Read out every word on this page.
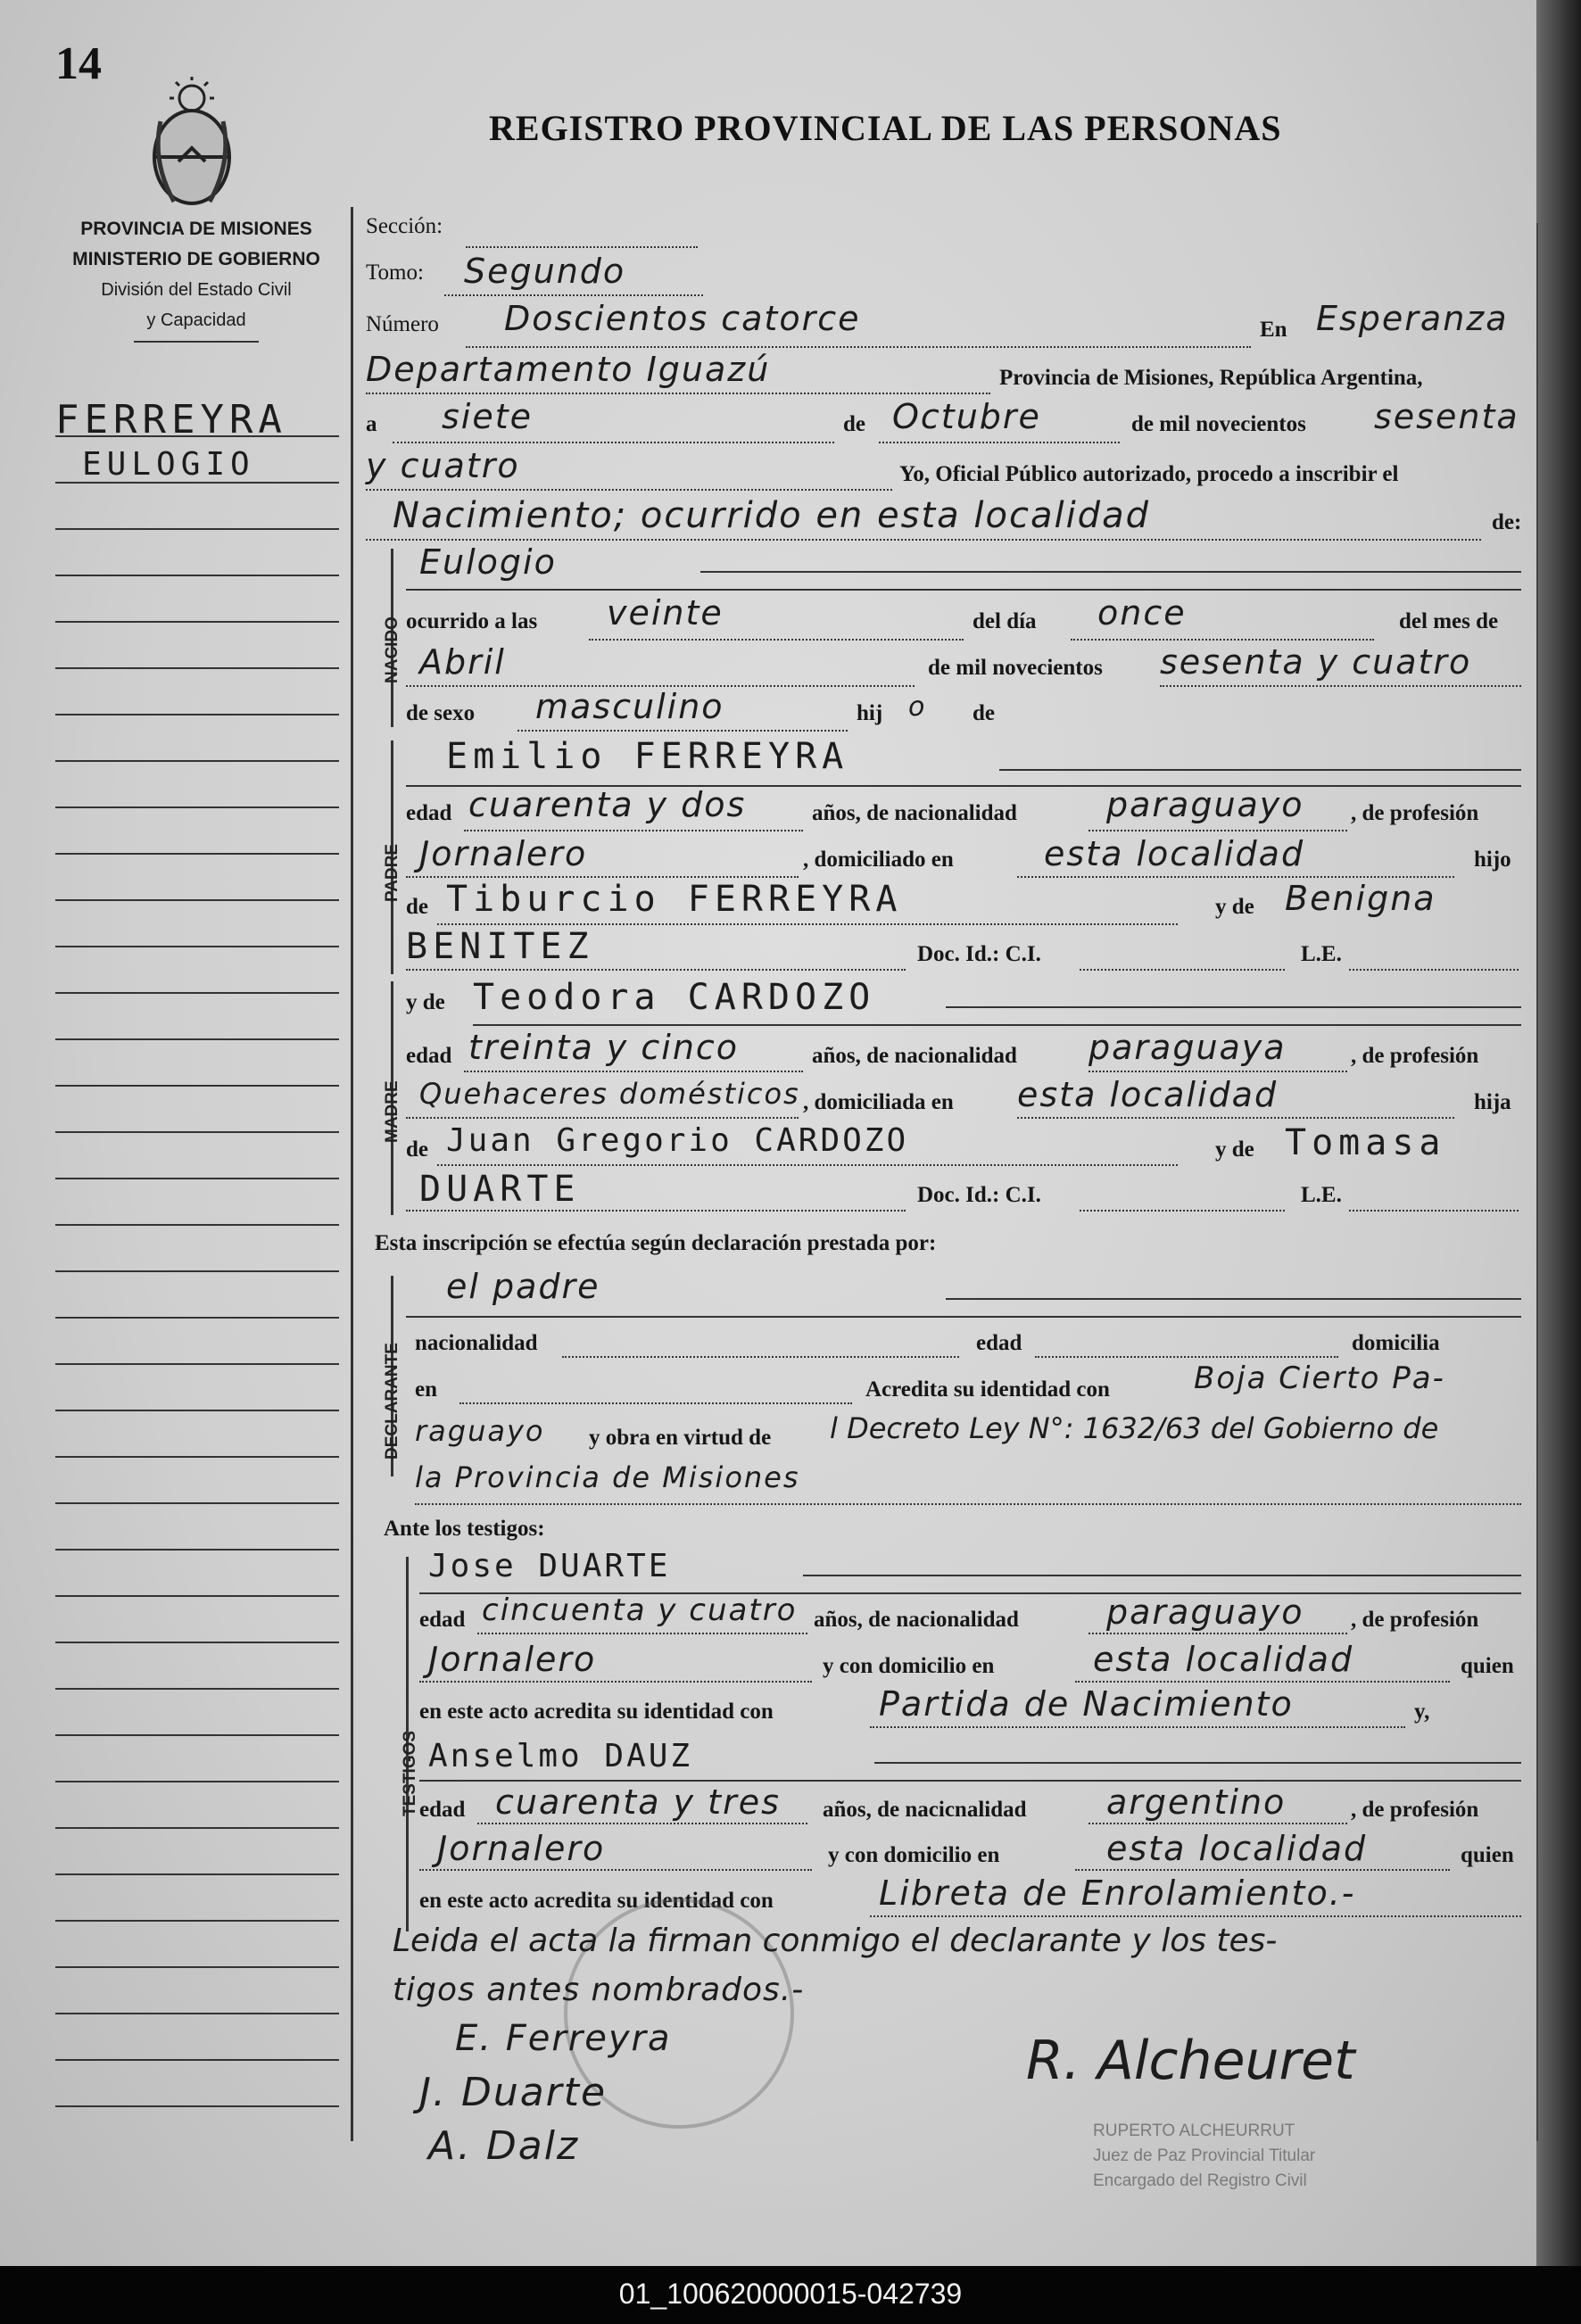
14
REGISTRO PROVINCIAL DE LAS PERSONAS
PROVINCIA DE MISIONES
MINISTERIO DE GOBIERNO
División del Estado Civil
y Capacidad
FERREYRA
EULOGIO
Sección:
Tomo: Segundo
Número Doscientos catorce	En Esperanza
Departamento Iguazú	Provincia de Misiones, República Argentina,
a siete	de Octubre	de mil novecientos sesenta
y cuatro	Yo, Oficial Público autorizado, procedo a inscribir el
Nacimiento; ocurrido en esta localidad	de:
NACIDO
Eulogio
ocurrido a las veinte	del día once	del mes de
Abril	de mil novecientos sesenta y cuatro
de sexo masculino	hij o de
PADRE
Emilio FERREYRA
edad cuarenta y dos	años, de nacionalidad	paraguayo , de profesión
Jornalero	, domiciliado en	esta localidad	hijo
de Tiburcio FERREYRA	y de Benigna
BENITEZ	Doc. Id.: C.I.	L.E.
MADRE
y de Teodora CARDOZO
edad treinta y cinco	años, de nacionalidad paraguaya	, de profesión
Quehaceres domésticos , domiciliada en esta localidad	hija
de Juan Gregorio CARDOZO	y de Tomasa
DUARTE	Doc. Id.: C.I.	L.E.
Esta inscripción se efectúa según declaración prestada por:
DECLARANTE
el padre
nacionalidad	edad	domicilia
en	Acredita su identidad con	Boja Cierto Pa-
raguayo y obra en virtud de l Decreto Ley N°: 1632/63 del Gobierno de
la Provincia de Misiones
Ante los testigos:
TESTIGOS
Jose DUARTE
edad cincuenta y cuatro años, de nacionalidad	paraguayo , de profesión
Jornalero	y con domicilio en	esta localidad	quien
en este acto acredita su identidad con	Partida de Nacimiento	y,
Anselmo DAUZ
edad cuarenta y tres años, de nacicnalidad argentino	, de profesión
Jornalero	y con domicilio en	esta localidad	quien
en este acto acredita su identidad con	Libreta de Enrolamiento.-
Leida el acta la firman conmigo el declarante y los tes-
tigos antes nombrados.-
E. Ferreyra
J. Duarte
A. Dalz
R. Alcheuret
RUPERTO ALCHEURRUT
Juez de Paz Provincial Titular
Encargado del Registro Civil
01_100620000015-042739
